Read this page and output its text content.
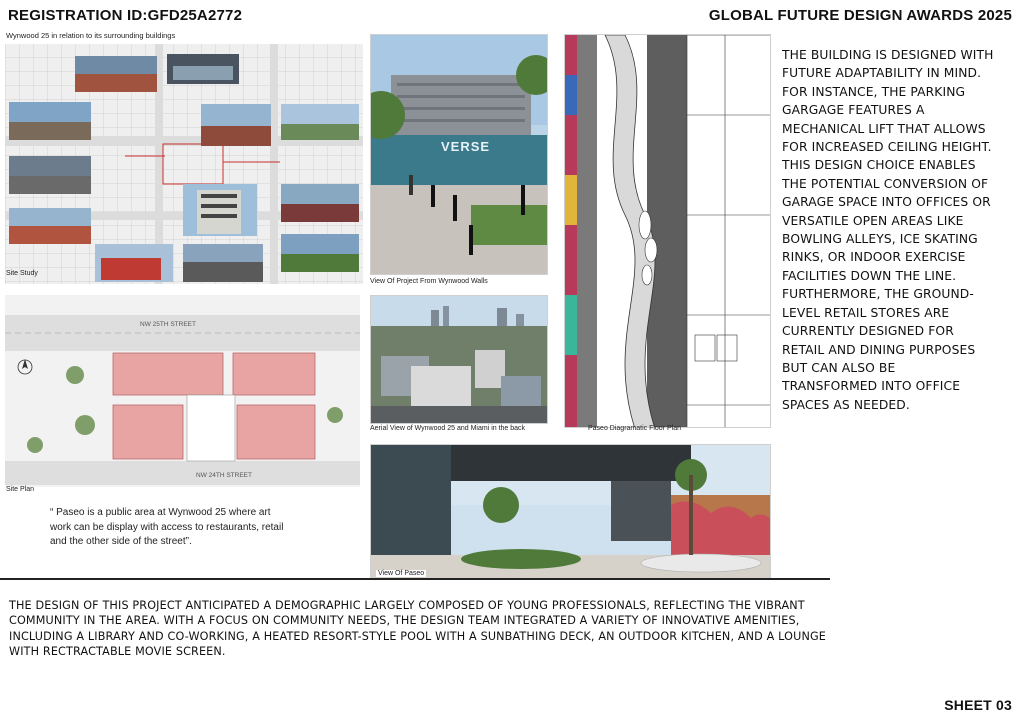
REGISTRATION ID:GFD25A2772	GLOBAL FUTURE DESIGN AWARDS 2025
Wynwood 25 in relation to its surrounding buildings
Site Study
NW 25TH STREET
NW 24TH STREET
Site Plan
“ Paseo is a public area at Wynwood 25 where art work can be display with access to restaurants, retail and the other side of the street”.
VERSE
View Of Project From Wynwood Walls
Aerial View of Wynwood 25 and Miami in the back	Paseo Diagramatic Floor Plan
View Of Paseo
THE BUILDING IS DESIGNED WITH FUTURE ADAPTABILITY IN MIND. FOR INSTANCE, THE PARKING GARGAGE FEATURES A MECHANICAL LIFT THAT ALLOWS FOR INCREASED CEILING HEIGHT. THIS DESIGN CHOICE ENABLES THE POTENTIAL CONVERSION OF GARAGE SPACE INTO OFFICES OR VERSATILE OPEN AREAS LIKE BOWLING ALLEYS, ICE SKATING RINKS, OR INDOOR EXERCISE FACILITIES DOWN THE LINE. FURTHERMORE, THE GROUND-LEVEL RETAIL STORES ARE CURRENTLY DESIGNED FOR RETAIL AND DINING PURPOSES BUT CAN ALSO BE TRANSFORMED INTO OFFICE SPACES AS NEEDED.
THE DESIGN OF THIS PROJECT ANTICIPATED A DEMOGRAPHIC LARGELY COMPOSED OF YOUNG PROFESSIONALS, REFLECTING THE VIBRANT COMMUNITY IN THE AREA. WITH A FOCUS ON COMMUNITY NEEDS, THE DESIGN TEAM INTEGRATED A VARIETY OF INNOVATIVE AMENITIES, INCLUDING A LIBRARY AND CO-WORKING, A HEATED RESORT-STYLE POOL WITH A SUNBATHING DECK, AN OUTDOOR KITCHEN, AND A LOUNGE WITH RECTRACTABLE MOVIE SCREEN.
SHEET 03
